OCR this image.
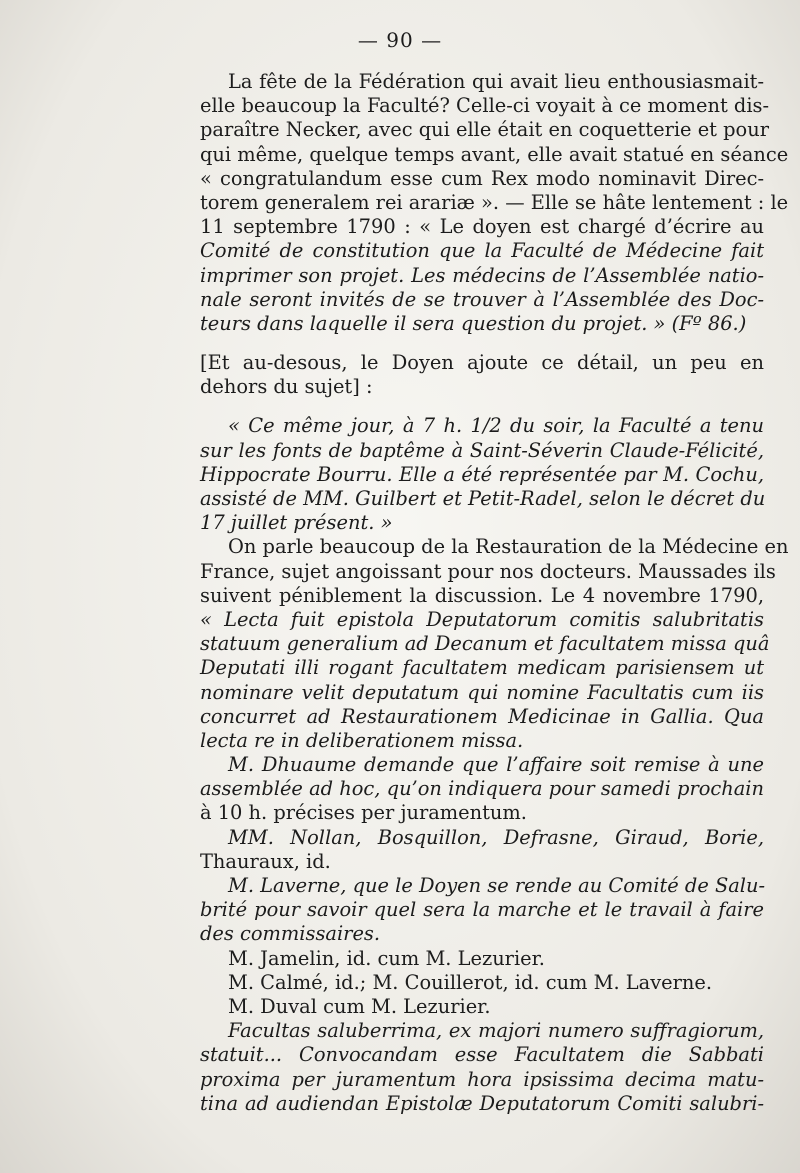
— 90 —
La fête de la Fédération qui avait lieu enthousiasmait-
elle beaucoup la Faculté? Celle-ci voyait à ce moment dis-
paraître Necker, avec qui elle était en coquetterie et pour
qui même, quelque temps avant, elle avait statué en séance
« congratulandum esse cum Rex modo nominavit Direc-
torem generalem rei arariæ ». — Elle se hâte lentement : le
11 septembre 1790 : « Le doyen est chargé d’écrire au
Comité de constitution que la Faculté de Médecine fait
imprimer son projet. Les médecins de l’Assemblée natio-
nale seront invités de se trouver à l’Assemblée des Doc-
teurs dans laquelle il sera question du projet. » (Fº 86.)
[Et au-desous, le Doyen ajoute ce détail, un peu en
dehors du sujet] :
« Ce même jour, à 7 h. 1/2 du soir, la Faculté a tenu
sur les fonts de baptême à Saint-Séverin Claude-Félicité,
Hippocrate Bourru. Elle a été représentée par M. Cochu,
assisté de MM. Guilbert et Petit-Radel, selon le décret du
17 juillet présent. »
On parle beaucoup de la Restauration de la Médecine en
France, sujet angoissant pour nos docteurs. Maussades ils
suivent péniblement la discussion. Le 4 novembre 1790,
« Lecta fuit epistola Deputatorum comitis salubritatis
statuum generalium ad Decanum et facultatem missa quâ
Deputati illi rogant facultatem medicam parisiensem ut
nominare velit deputatum qui nomine Facultatis cum iis
concurret ad Restaurationem Medicinae in Gallia. Qua
lecta re in deliberationem missa.
M. Dhuaume demande que l’affaire soit remise à une
assemblée ad hoc, qu’on indiquera pour samedi prochain
à 10 h. précises per juramentum.
MM. Nollan, Bosquillon, Defrasne, Giraud, Borie,
Thauraux, id.
M. Laverne, que le Doyen se rende au Comité de Salu-
brité pour savoir quel sera la marche et le travail à faire
des commissaires.
M. Jamelin, id. cum M. Lezurier.
M. Calmé, id.; M. Couillerot, id. cum M. Laverne.
M. Duval cum M. Lezurier.
Facultas saluberrima, ex majori numero suffragiorum,
statuit... Convocandam esse Facultatem die Sabbati
proxima per juramentum hora ipsissima decima matu-
tina ad audiendan Epistolæ Deputatorum Comiti salubri-
